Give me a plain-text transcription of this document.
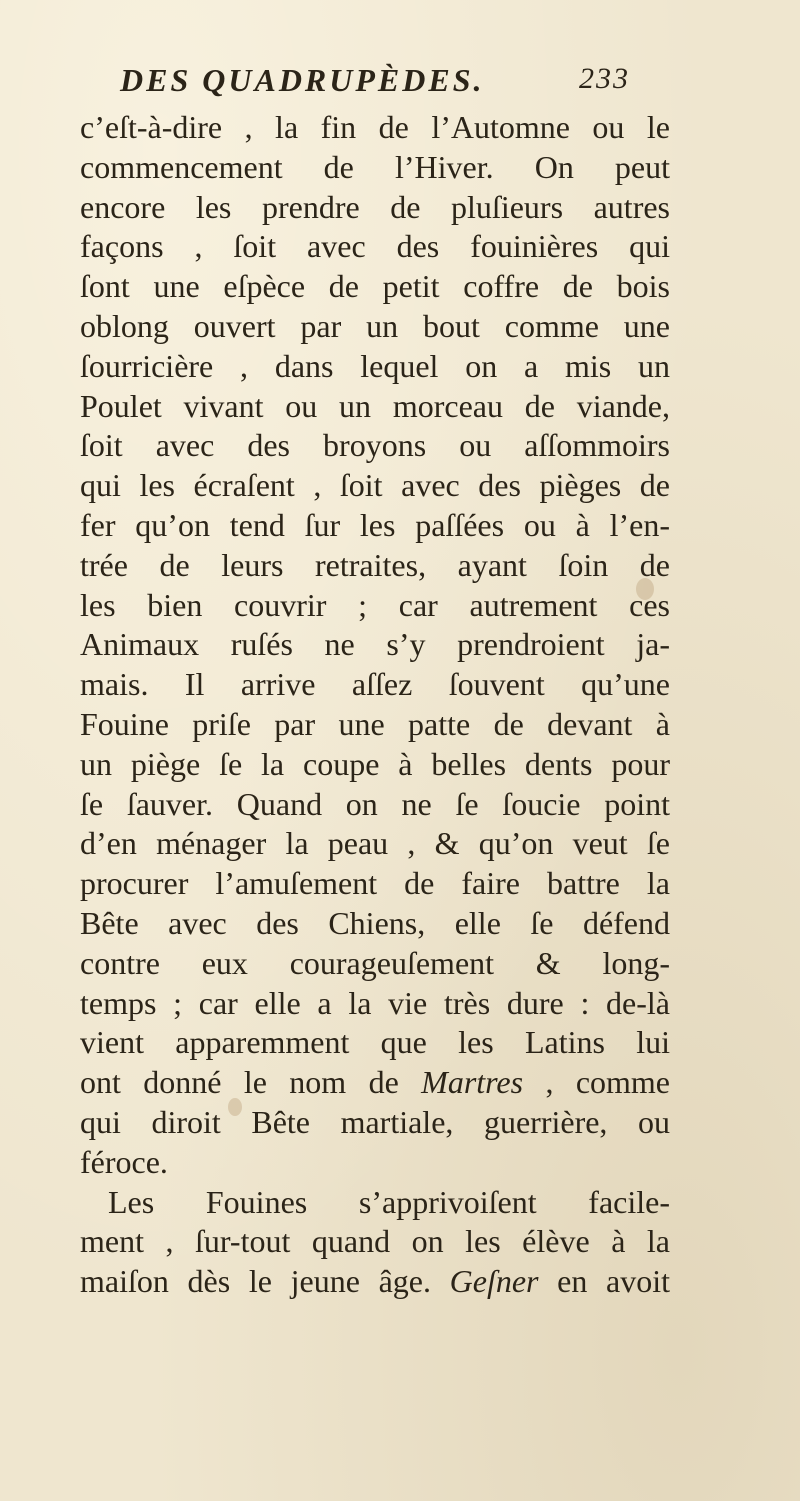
DES QUADRUPÈDES.	233
c’eſt-à-dire , la fin de l’Automne ou le
commencement de l’Hiver. On peut
encore les prendre de pluſieurs autres
façons , ſoit avec des fouinières qui
ſont une eſpèce de petit coffre de bois
oblong ouvert par un bout comme une
ſourricière , dans lequel on a mis un
Poulet vivant ou un morceau de viande,
ſoit avec des broyons ou aſſommoirs
qui les écraſent , ſoit avec des pièges de
fer qu’on tend ſur les paſſées ou à l’en-
trée de leurs retraites, ayant ſoin de
les bien couvrir ; car autrement ces
Animaux ruſés ne s’y prendroient ja-
mais. Il arrive aſſez ſouvent qu’une
Fouine priſe par une patte de devant à
un piège ſe la coupe à belles dents pour
ſe ſauver. Quand on ne ſe ſoucie point
d’en ménager la peau , & qu’on veut ſe
procurer l’amuſement de faire battre la
Bête avec des Chiens, elle ſe défend
contre eux courageuſement & long-
temps ; car elle a la vie très dure : de-là
vient apparemment que les Latins lui
ont donné le nom de Martres , comme
qui diroit Bête martiale, guerrière, ou
féroce.
Les Fouines s’apprivoiſent facile-
ment , ſur-tout quand on les élève à la
maiſon dès le jeune âge. Geſner en avoit
